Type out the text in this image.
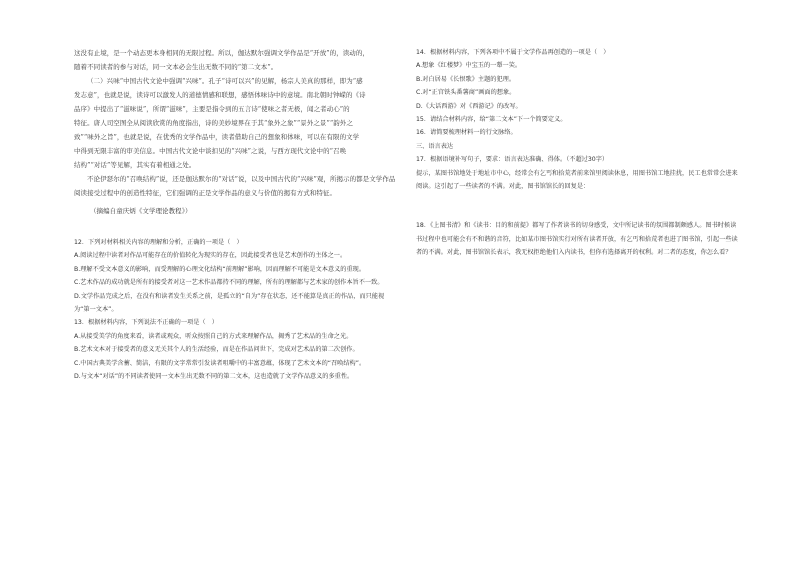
这没有止境，是一个动态更本身相同的无限过程。所以，伽达默尔强调文学作品是“开放”的，读动的，

随着不同读者的参与对话，同一文本必会生出无数不同的“第二文本”。

（二）兴味“中国古代文论中强调“兴味”。孔子“诗可以兴”的见解，杨宗人美真的那样，即为“感

发志意”，也就是说，读诗可以激发人的道德情感和联想，感悟体味诗中的意境。南北朝时钟嵘的《诗

品序》中提出了“滋味说”，所谓“滋味”，主要是指令到的五言诗“使味之者无极，闻之者动心”的

特征。唐人司空图全从阅读欣赏的角度指出，诗的美妙境界在于其“象外之象”“景外之景”“韵外之

致”“味外之旨”，也就是说，在优秀的文学作品中，读者借助自己的想象和体味，可以在有限的文学

中得到无限丰富的审美信息。中国古代文论中谈扣见的“兴味”之说，与西方现代文论中的“召唤

结构”“对话”等见解，其实有着相通之处。

不论伊瑟尔的“召唤结构”说，还是伽达默尔的“对话”说，以及中国古代的“兴味”观，所揭示的都是文学作品阅读接受过程中的创造性特征，它们强调的正是文学作品的意义与价值的揭有方式和特征。

（摘编自童庆炳《文学理论教程》）

12．下列对材料相关内容的理解和分析，正确的一项是（　）

A.阅读过程中读者对作品可能存在的价值转化为现实的存在，因此接受者也是艺术创作的主体之一。

B.理解不受文本意义的影响，而受理解的心理文化结构“前理解”影响，因而理解不可能是文本意义的重现。

C.艺术作品的成功就是所有的接受者对这一艺术作品都持不同的理解，所有的理解都与艺术家的创作本旨不一致。

D.文学作品完成之后，在没有和读者发生关系之前，是孤立的“自为”存在状态，还不能算是真正的作品，而只能视为“第一文本”。

13．根据材料内容，下列说法不正确的一项是（　）

A.从接受美学的角度来看，读者或观众，听众按照自己的方式来理解作品，揭秀了艺术品的生命之光。

B.艺术文本对于接受者的意义无关其个人的生活经验，而是在作品问世下，完成对艺术品的第二次创作。

C.中国古典美学含蓄、简洁，有限的文字常常引发读者咀嚼中的丰富意蕴，体现了艺术文本的“召唤结构”。

D.与文本“对话”的不同读者使同一文本生出无数不同的第二文本，这也造就了文学作品意义的多重性。

14．根据材料内容，下列各项中不属于文学作品再创造的一项是（　）

A.想象《红楼梦》中宝玉的一颦一笑。

B.对白居易《长恨歌》主题的犯理。

C.对“正宫铁头番薯商”画面的想象。

D.《大话西游》对《西游记》的改写。

15．请结合材料内容，给“第二文本”下一个简要定义。

16．请简要梳理材料一的行文脉络。

三、语言表达

17．根据语境补写句子，要求：语言表达准确、得体。（不超过30字）

提示，某图书馆地处于地址市中心，经常会有乞丐和拾荒者前来馆里阅读休息，用图书馆工地挂扰，民工也常常会进来阅读。这引起了一些读者的不满。对此，图书馆馆长的回复是：

18．《上图书清》和《读书：目的和前提》都写了作者读书的切身感受，文中所记读书的氛围都制颇感人。图书时候读书过程中也可能会有不和谐的音符，比如某市图书馆实行对所有读者开放，有乞丐和拾荒者也进了图书馆，引起一些读者的不满。对此，图书馆馆长表示，我无权拒绝他们入内读书，但你有选择离开的权利。对二者的态度，你怎么看？
